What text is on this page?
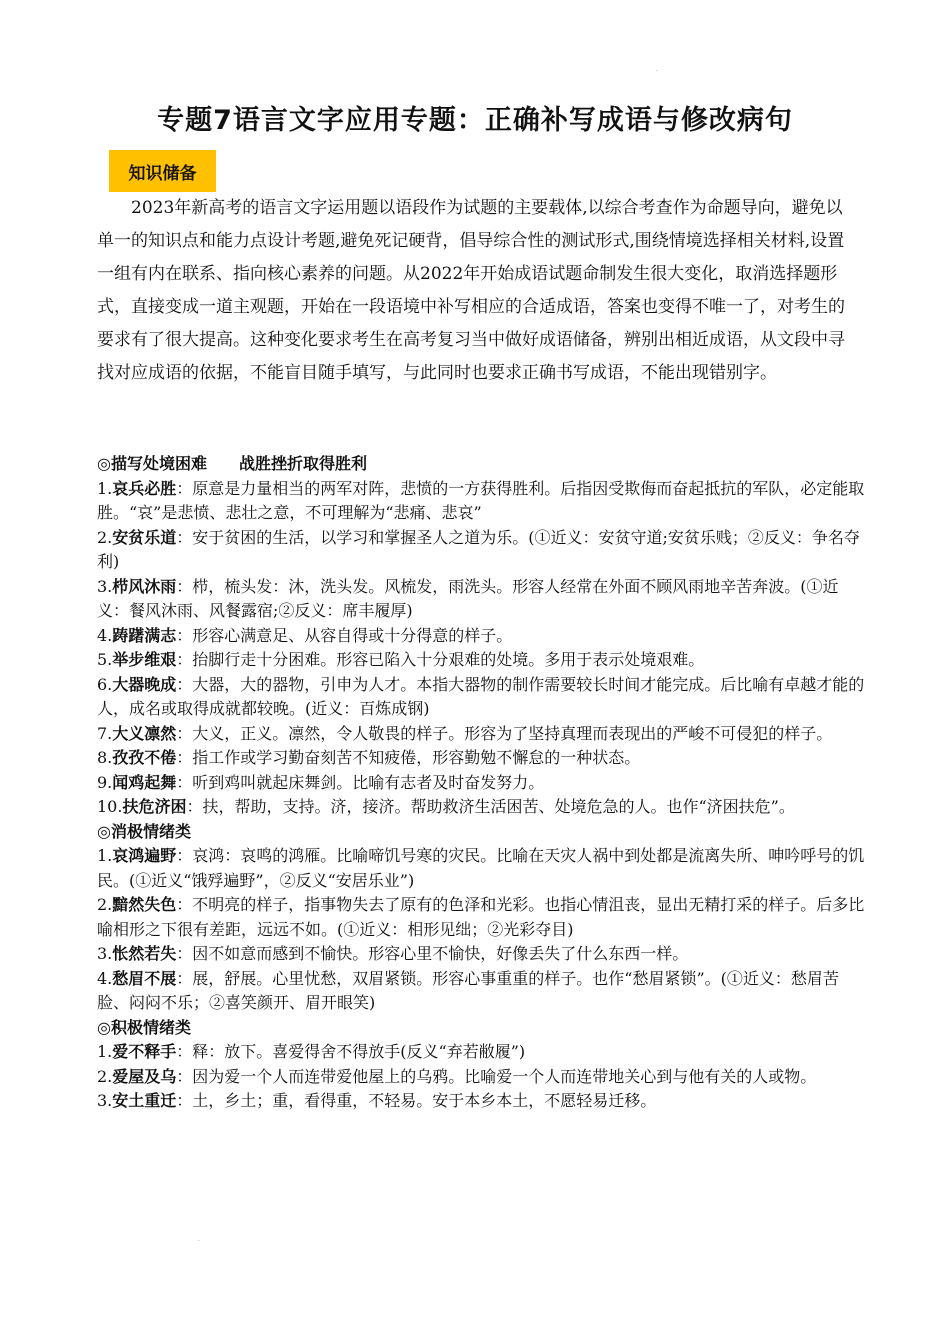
·
专题7语言文字应用专题：正确补写成语与修改病句
知识储备

2023年新高考的语言文字运用题以语段作为试题的主要载体,以综合考查作为命题导向，避免以单一的知识点和能力点设计考题,避免死记硬背，倡导综合性的测试形式,围绕情境选择相关材料,设置一组有内在联系、指向核心素养的问题。从2022年开始成语试题命制发生很大变化，取消选择题形式，直接变成一道主观题，开始在一段语境中补写相应的合适成语，答案也变得不唯一了，对考生的要求有了很大提高。这种变化要求考生在高考复习当中做好成语储备，辨别出相近成语，从文段中寻找对应成语的依据，不能盲目随手填写，与此同时也要求正确书写成语，不能出现错别字。

◎描写处境困难　　战胜挫折取得胜利

1.哀兵必胜：原意是力量相当的两军对阵，悲愤的一方获得胜利。后指因受欺侮而奋起抵抗的军队，必定能取胜。“哀”是悲愤、悲壮之意，不可理解为“悲痛、悲哀”

2.安贫乐道：安于贫困的生活，以学习和掌握圣人之道为乐。(①近义：安贫守道;安贫乐贱；②反义：争名夺利)

3.栉风沐雨：栉，梳头发：沐，洗头发。风梳发，雨洗头。形容人经常在外面不顾风雨地辛苦奔波。(①近义：餐风沐雨、风餐露宿;②反义：席丰履厚)

4.踌躇满志：形容心满意足、从容自得或十分得意的样子。

5.举步维艰：抬脚行走十分困难。形容已陷入十分艰难的处境。多用于表示处境艰难。

6.大器晚成：大器，大的器物，引申为人才。本指大器物的制作需要较长时间才能完成。后比喻有卓越才能的人，成名或取得成就都较晚。(近义：百炼成钢)

7.大义凛然：大义，正义。凛然，令人敬畏的样子。形容为了坚持真理而表现出的严峻不可侵犯的样子。

8.孜孜不倦：指工作或学习勤奋刻苦不知疲倦，形容勤勉不懈怠的一种状态。

9.闻鸡起舞：听到鸡叫就起床舞剑。比喻有志者及时奋发努力。

10.扶危济困：扶，帮助，支持。济，接济。帮助救济生活困苦、处境危急的人。也作“济困扶危”。

◎消极情绪类

1.哀鸿遍野：哀鸿：哀鸣的鸿雁。比喻啼饥号寒的灾民。比喻在天灾人祸中到处都是流离失所、呻吟呼号的饥民。(①近义“饿殍遍野”，②反义“安居乐业”)

2.黯然失色：不明亮的样子，指事物失去了原有的色泽和光彩。也指心情沮丧，显出无精打采的样子。后多比喻相形之下很有差距，远远不如。(①近义：相形见绌；②光彩夺目)

3.怅然若失：因不如意而感到不愉快。形容心里不愉快，好像丢失了什么东西一样。

4.愁眉不展：展，舒展。心里忧愁，双眉紧锁。形容心事重重的样子。也作“愁眉紧锁”。(①近义：愁眉苦脸、闷闷不乐；②喜笑颜开、眉开眼笑)

◎积极情绪类

1.爱不释手：释：放下。喜爱得舍不得放手(反义“弃若敝履”)

2.爱屋及乌：因为爱一个人而连带爱他屋上的乌鸦。比喻爱一个人而连带地关心到与他有关的人或物。

3.安土重迁：土，乡土；重，看得重，不轻易。安于本乡本土，不愿轻易迁移。

·
